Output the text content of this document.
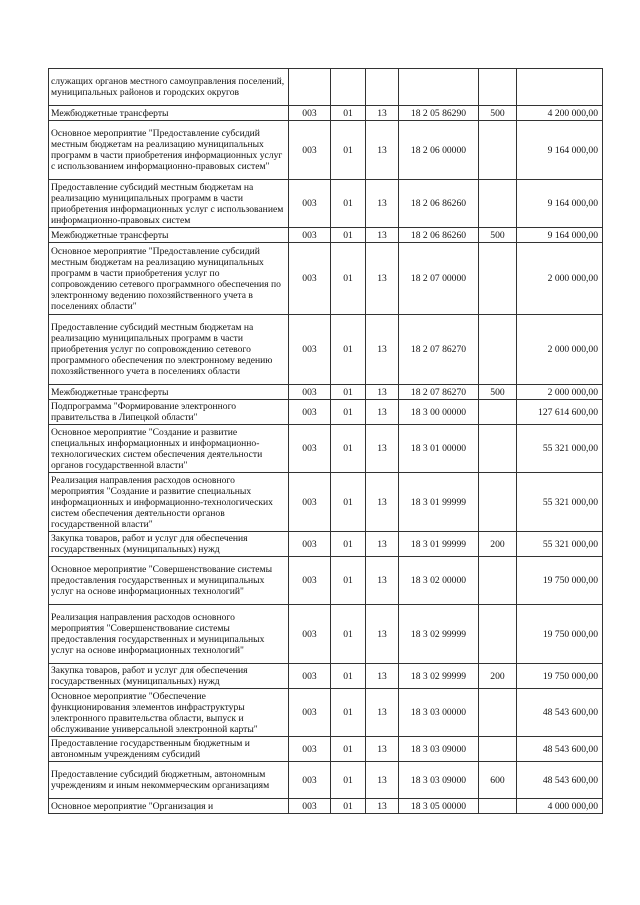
служащих органов местного самоуправления поселений, муниципальных районов и городских округов						
Межбюджетные трансферты	003	01	13	18 2 05 86290	500	4 200 000,00
Основное мероприятие "Предоставление субсидий местным бюджетам на реализацию муниципальных программ в части приобретения информационных услуг с использованием информационно-правовых систем"	003	01	13	18 2 06 00000		9 164 000,00
Предоставление субсидий местным бюджетам на реализацию муниципальных программ в части приобретения информационных услуг с использованием информационно-правовых систем	003	01	13	18 2 06 86260		9 164 000,00
Межбюджетные трансферты	003	01	13	18 2 06 86260	500	9 164 000,00
Основное мероприятие "Предоставление субсидий местным бюджетам на реализацию муниципальных программ в части приобретения услуг по сопровождению сетевого программного обеспечения по электронному ведению похозяйственного учета в поселениях области"	003	01	13	18 2 07 00000		2 000 000,00
Предоставление субсидий местным бюджетам на реализацию муниципальных программ в части приобретения услуг по сопровождению сетевого программного обеспечения по электронному ведению похозяйственного учета в поселениях области	003	01	13	18 2 07 86270		2 000 000,00
Межбюджетные трансферты	003	01	13	18 2 07 86270	500	2 000 000,00
Подпрограмма "Формирование электронного правительства в Липецкой области"	003	01	13	18 3 00 00000		127 614 600,00
Основное мероприятие "Создание и развитие специальных информационных и информационно-технологических систем обеспечения деятельности органов государственной власти"	003	01	13	18 3 01 00000		55 321 000,00
Реализация направления расходов основного мероприятия "Создание и развитие специальных информационных и информационно-технологических систем обеспечения деятельности органов государственной власти"	003	01	13	18 3 01 99999		55 321 000,00
Закупка товаров, работ и услуг для обеспечения государственных (муниципальных) нужд	003	01	13	18 3 01 99999	200	55 321 000,00
Основное мероприятие "Совершенствование системы предоставления государственных и муниципальных услуг на основе информационных технологий"	003	01	13	18 3 02 00000		19 750 000,00
Реализация направления расходов основного мероприятия "Совершенствование системы предоставления государственных и муниципальных услуг на основе информационных технологий"	003	01	13	18 3 02 99999		19 750 000,00
Закупка товаров, работ и услуг для обеспечения государственных (муниципальных) нужд	003	01	13	18 3 02 99999	200	19 750 000,00
Основное мероприятие "Обеспечение функционирования элементов инфраструктуры электронного правительства области, выпуск и обслуживание универсальной электронной карты"	003	01	13	18 3 03 00000		48 543 600,00
Предоставление государственным бюджетным и автономным учреждениям субсидий	003	01	13	18 3 03 09000		48 543 600,00
Предоставление субсидий бюджетным, автономным учреждениям и иным некоммерческим организациям	003	01	13	18 3 03 09000	600	48 543 600,00
Основное мероприятие "Организация и	003	01	13	18 3 05 00000		4 000 000,00
